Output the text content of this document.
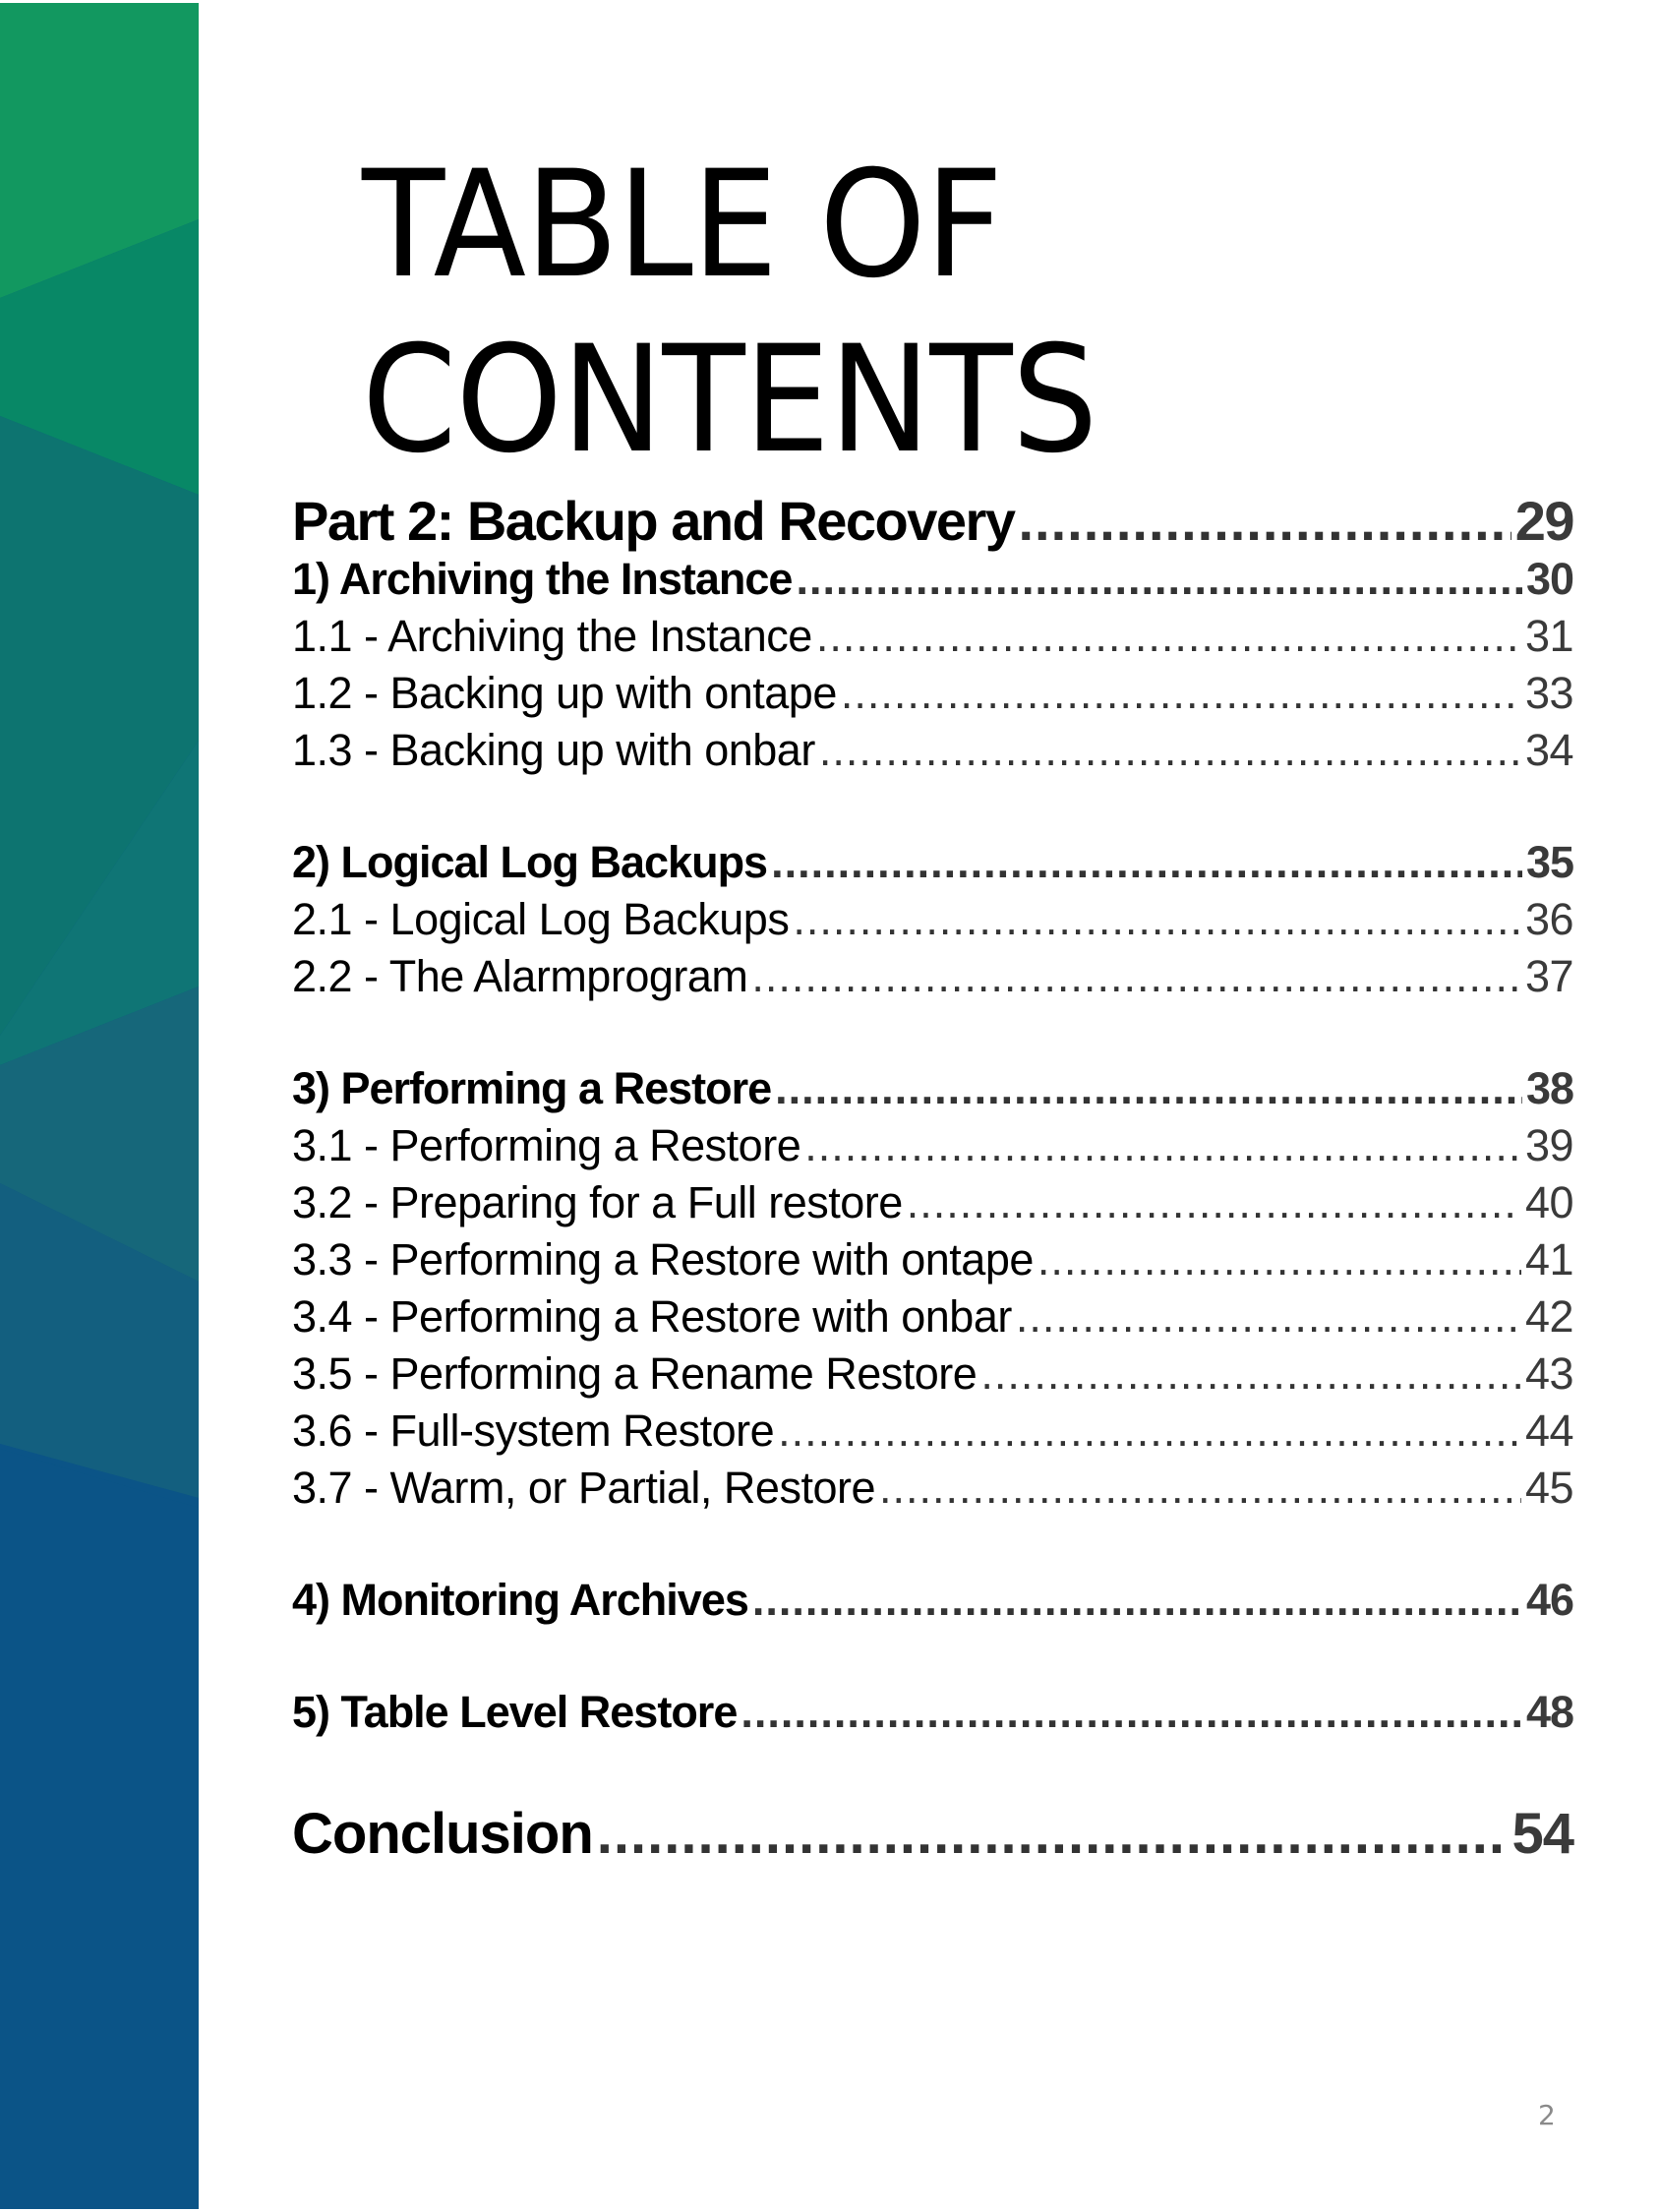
TABLE OF
CONTENTS
Part 2: Backup and Recovery .....	29
1) Archiving the Instance .....	30
1.1 - Archiving the Instance .....	31
1.2 - Backing up with ontape .....	33
1.3 - Backing up with onbar .....	34
2) Logical Log Backups .....	35
2.1 - Logical Log Backups .....	36
2.2 - The Alarmprogram .....	37
3) Performing a Restore .....	38
3.1 - Performing a Restore .....	39
3.2 - Preparing for a Full restore .....	40
3.3 - Performing a Restore with ontape .....	41
3.4 - Performing a Restore with onbar .....	42
3.5 - Performing a Rename Restore .....	43
3.6 - Full-system Restore .....	44
3.7 - Warm, or Partial, Restore .....	45
4) Monitoring Archives .....	46
5) Table Level Restore .....	48
Conclusion .....	54
2
